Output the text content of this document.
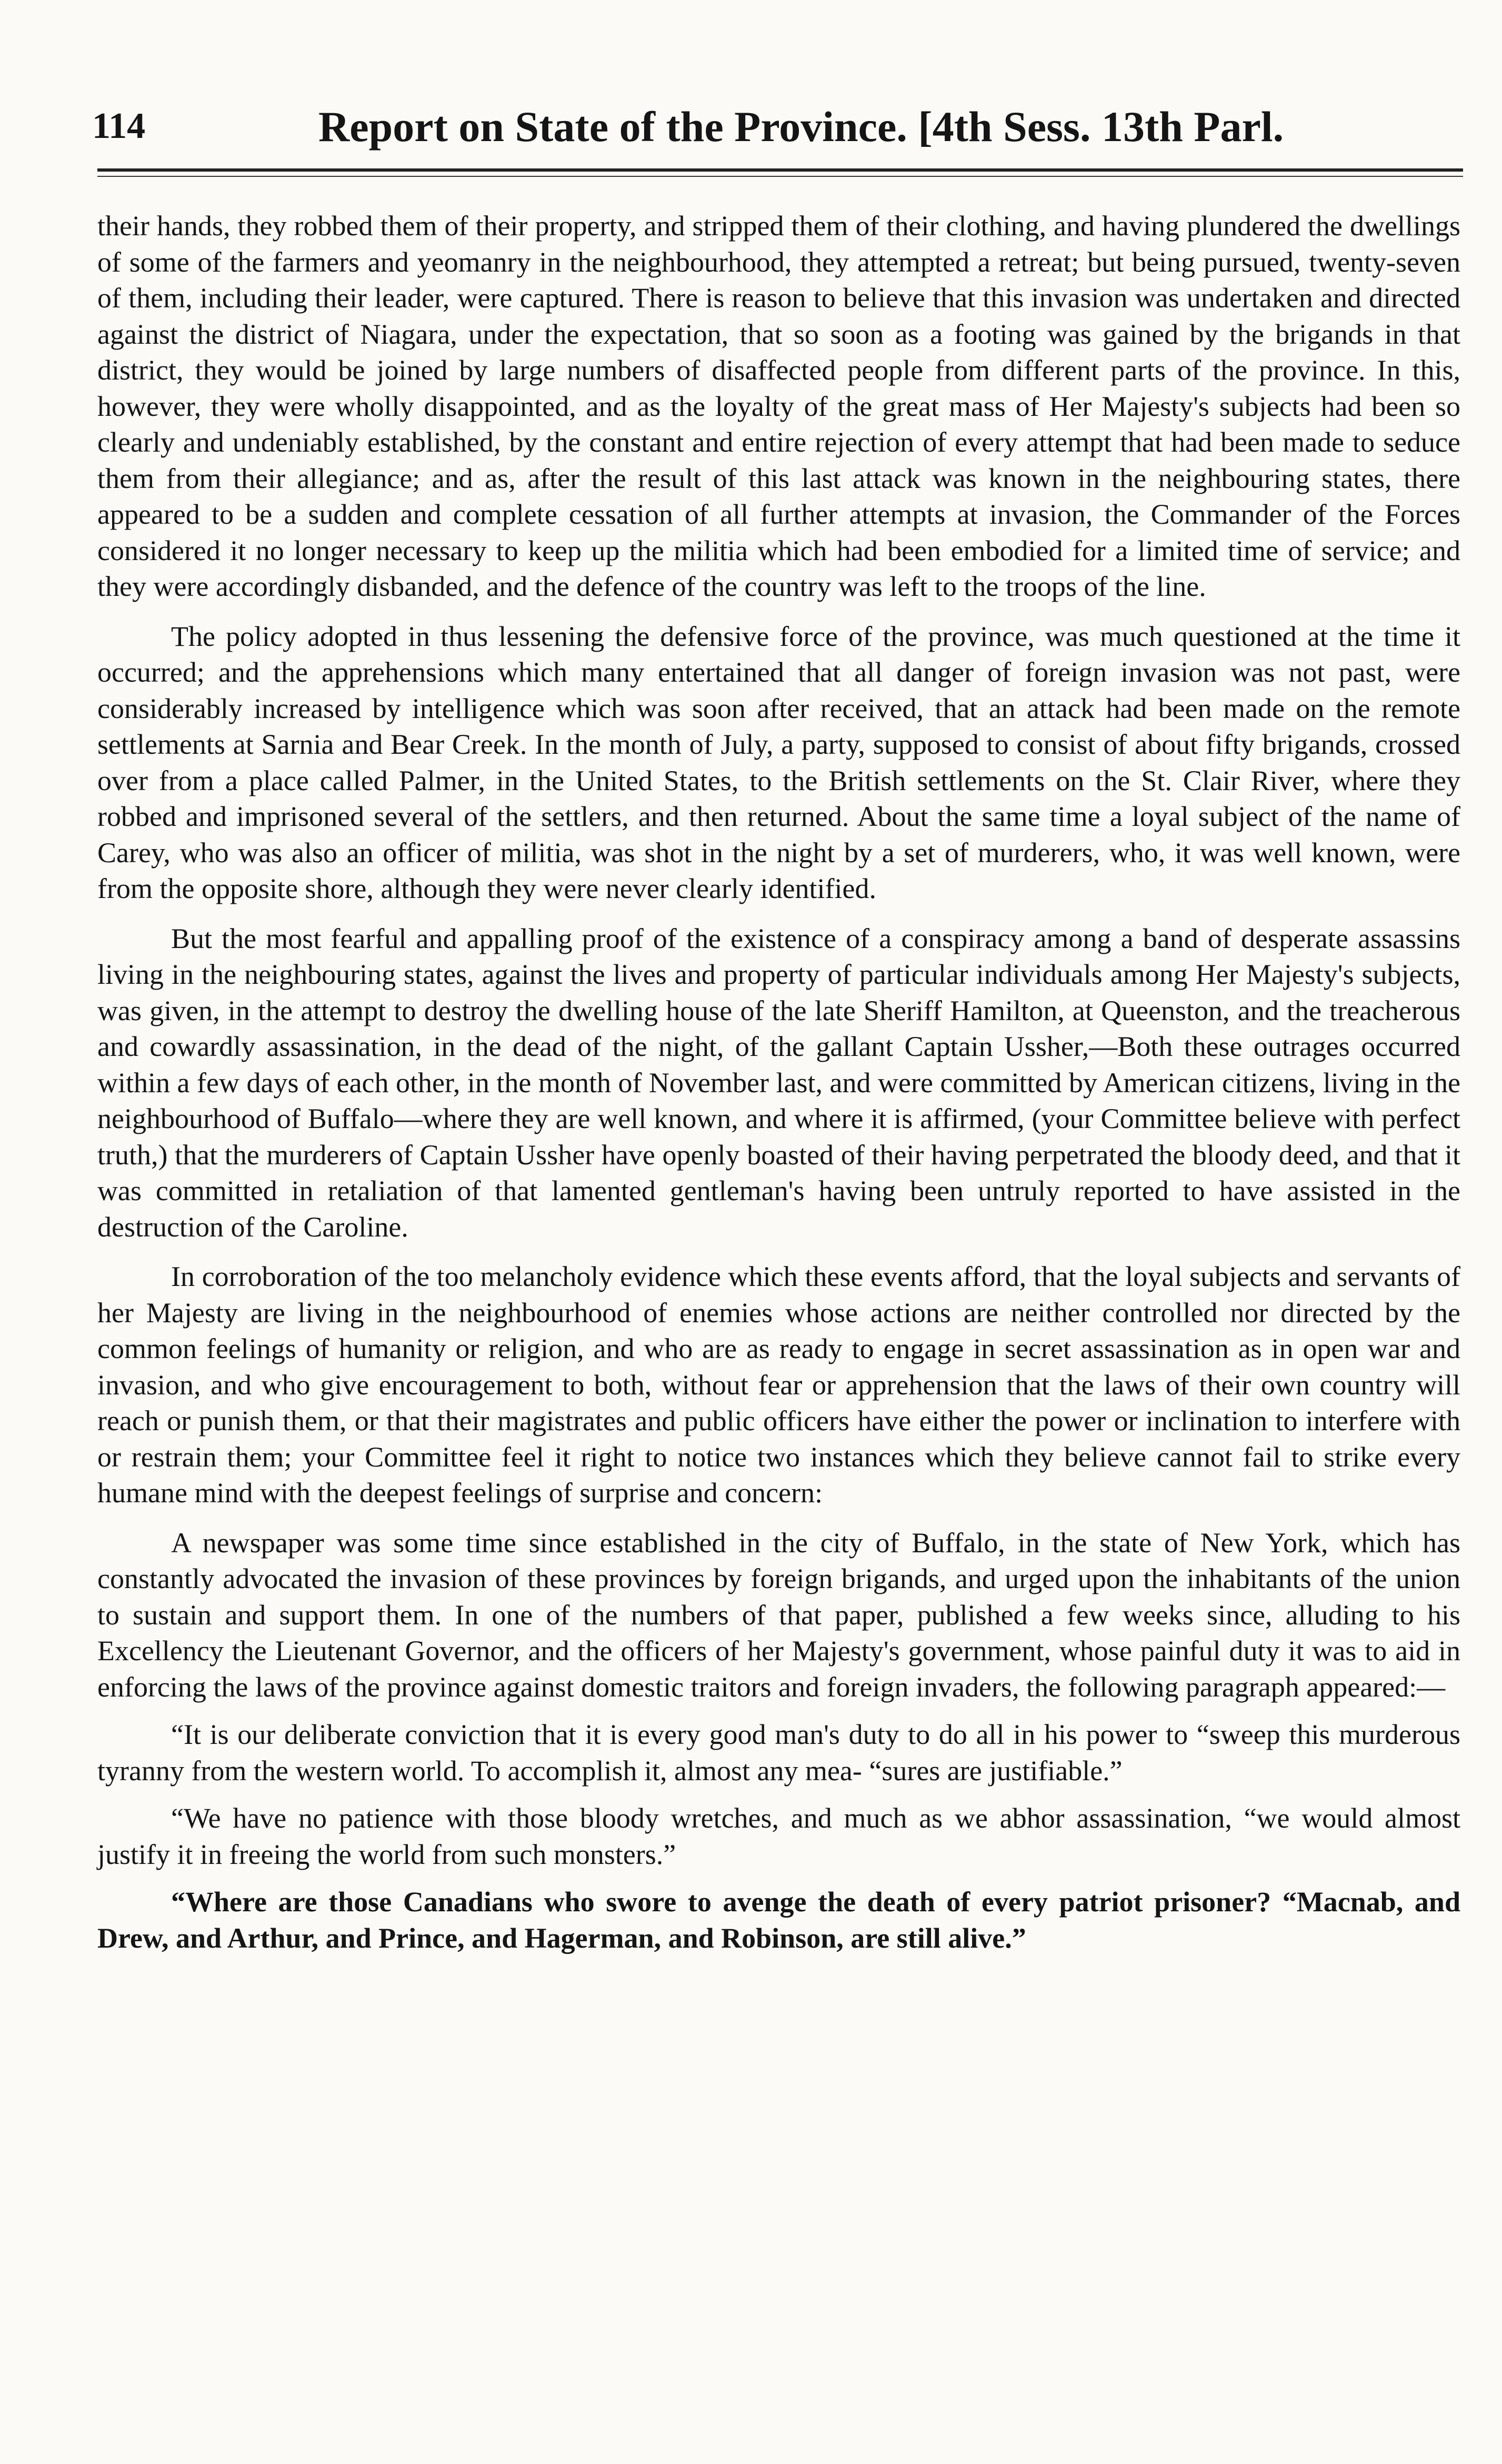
114	Report on State of the Province. [4th Sess. 13th Parl.

their hands, they robbed them of their property, and stripped them of their clothing, and having plundered the dwellings of some of the farmers and yeomanry in the neighbourhood, they attempted a retreat; but being pursued, twenty-seven of them, including their leader, were captured. There is reason to believe that this invasion was undertaken and directed against the district of Niagara, under the expectation, that so soon as a footing was gained by the brigands in that district, they would be joined by large numbers of disaffected people from different parts of the province. In this, however, they were wholly disappointed, and as the loyalty of the great mass of Her Majesty's subjects had been so clearly and undeniably established, by the constant and entire rejection of every attempt that had been made to seduce them from their allegiance; and as, after the result of this last attack was known in the neighbouring states, there appeared to be a sudden and complete cessation of all further attempts at invasion, the Commander of the Forces considered it no longer necessary to keep up the militia which had been embodied for a limited time of service; and they were accordingly disbanded, and the defence of the country was left to the troops of the line.

The policy adopted in thus lessening the defensive force of the province, was much questioned at the time it occurred; and the apprehensions which many entertained that all danger of foreign invasion was not past, were considerably increased by intelligence which was soon after received, that an attack had been made on the remote settlements at Sarnia and Bear Creek. In the month of July, a party, supposed to consist of about fifty brigands, crossed over from a place called Palmer, in the United States, to the British settlements on the St. Clair River, where they robbed and imprisoned several of the settlers, and then returned. About the same time a loyal subject of the name of Carey, who was also an officer of militia, was shot in the night by a set of murderers, who, it was well known, were from the opposite shore, although they were never clearly identified.

But the most fearful and appalling proof of the existence of a conspiracy among a band of desperate assassins living in the neighbouring states, against the lives and property of particular individuals among Her Majesty's subjects, was given, in the attempt to destroy the dwelling house of the late Sheriff Hamilton, at Queenston, and the treacherous and cowardly assassination, in the dead of the night, of the gallant Captain Ussher,—Both these outrages occurred within a few days of each other, in the month of November last, and were committed by American citizens, living in the neighbourhood of Buffalo—where they are well known, and where it is affirmed, (your Committee believe with perfect truth,) that the murderers of Captain Ussher have openly boasted of their having perpetrated the bloody deed, and that it was committed in retaliation of that lamented gentleman's having been untruly reported to have assisted in the destruction of the Caroline.

In corroboration of the too melancholy evidence which these events afford, that the loyal subjects and servants of her Majesty are living in the neighbourhood of enemies whose actions are neither controlled nor directed by the common feelings of humanity or religion, and who are as ready to engage in secret assassination as in open war and invasion, and who give encouragement to both, without fear or apprehension that the laws of their own country will reach or punish them, or that their magistrates and public officers have either the power or inclination to interfere with or restrain them; your Committee feel it right to notice two instances which they believe cannot fail to strike every humane mind with the deepest feelings of surprise and concern:

A newspaper was some time since established in the city of Buffalo, in the state of New York, which has constantly advocated the invasion of these provinces by foreign brigands, and urged upon the inhabitants of the union to sustain and support them. In one of the numbers of that paper, published a few weeks since, alluding to his Excellency the Lieutenant Governor, and the officers of her Majesty's government, whose painful duty it was to aid in enforcing the laws of the province against domestic traitors and foreign invaders, the following paragraph appeared:—

“It is our deliberate conviction that it is every good man's duty to do all in his power to “sweep this murderous tyranny from the western world. To accomplish it, almost any mea- “sures are justifiable.”

“We have no patience with those bloody wretches, and much as we abhor assassination, “we would almost justify it in freeing the world from such monsters.”

“Where are those Canadians who swore to avenge the death of every patriot prisoner? “Macnab, and Drew, and Arthur, and Prince, and Hagerman, and Robinson, are still alive.”
